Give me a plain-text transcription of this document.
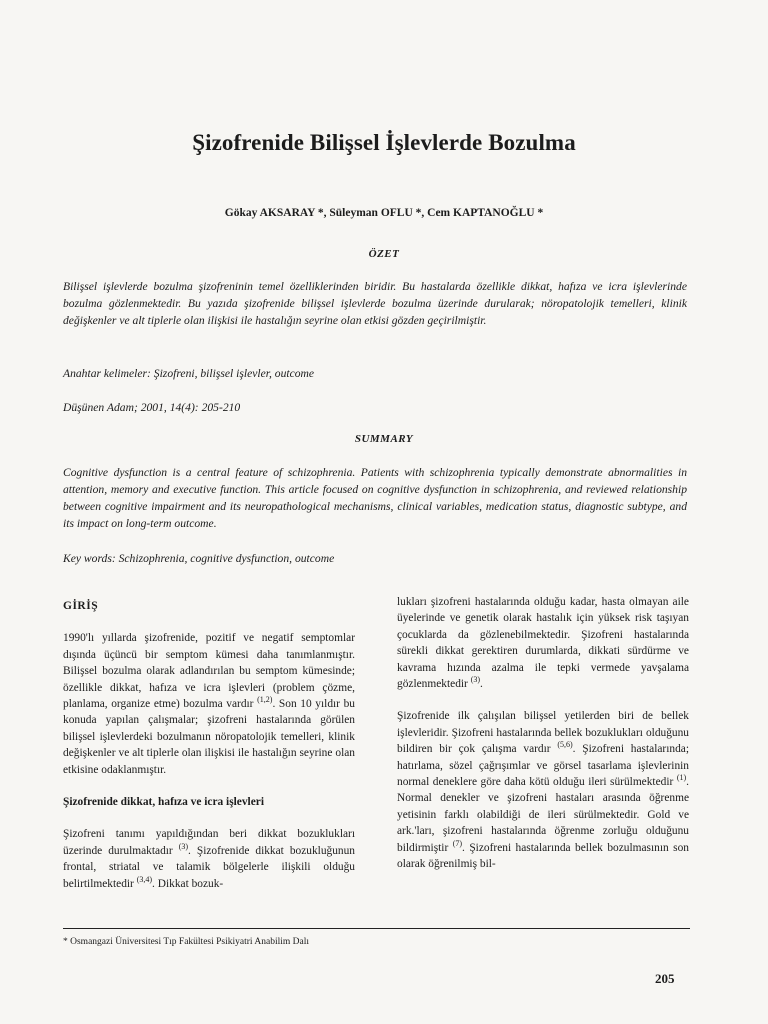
Şizofrenide Bilişsel İşlevlerde Bozulma
Gökay AKSARAY *, Süleyman OFLU *, Cem KAPTANOĞLU *
ÖZET

Bilişsel işlevlerde bozulma şizofreninin temel özelliklerinden biridir. Bu hastalarda özellikle dikkat, hafıza ve icra işlevlerinde bozulma gözlenmektedir. Bu yazıda şizofrenide bilişsel işlevlerde bozulma üzerinde durularak; nöropatolojik temelleri, klinik değişkenler ve alt tiplerle olan ilişkisi ile hastalığın seyrine olan etkisi gözden geçirilmiştir.

Anahtar kelimeler: Şizofreni, bilişsel işlevler, outcome

Düşünen Adam; 2001, 14(4): 205-210

SUMMARY

Cognitive dysfunction is a central feature of schizophrenia. Patients with schizophrenia typically demonstrate abnormalities in attention, memory and executive function. This article focused on cognitive dysfunction in schizophrenia, and reviewed relationship between cognitive impairment and its neuropathological mechanisms, clinical variables, medication status, diagnostic subtype, and its impact on long-term outcome.

Key words: Schizophrenia, cognitive dysfunction, outcome

GİRİŞ

1990'lı yıllarda şizofrenide, pozitif ve negatif semptomlar dışında üçüncü bir semptom kümesi daha tanımlanmıştır. Bilişsel bozulma olarak adlandırılan bu semptom kümesinde; özellikle dikkat, hafıza ve icra işlevleri (problem çözme, planlama, organize etme) bozulma vardır $^{(1,2)}$. Son 10 yıldır bu konuda yapılan çalışmalar; şizofreni hastalarında görülen bilişsel işlevlerdeki bozulmanın nöropatolojik temelleri, klinik değişkenler ve alt tiplerle olan ilişkisi ile hastalığın seyrine olan etkisine odaklanmıştır.

Şizofrenide dikkat, hafıza ve icra işlevleri

Şizofreni tanımı yapıldığından beri dikkat bozuklukları üzerinde durulmaktadır $^{(3)}$. Şizofrenide dikkat bozukluğunun frontal, striatal ve talamik bölgelerle ilişkili olduğu belirtilmektedir $^{(3,4)}$. Dikkat bozuk-

lukları şizofreni hastalarında olduğu kadar, hasta olmayan aile üyelerinde ve genetik olarak hastalık için yüksek risk taşıyan çocuklarda da gözlenebilmektedir. Şizofreni hastalarında sürekli dikkat gerektiren durumlarda, dikkati sürdürme ve kavrama hızında azalma ile tepki vermede yavşalama gözlenmektedir $^{(3)}$.

Şizofrenide ilk çalışılan bilişsel yetilerden biri de bellek işlevleridir. Şizofreni hastalarında bellek bozuklukları olduğunu bildiren bir çok çalışma vardır $^{(5,6)}$. Şizofreni hastalarında; hatırlama, sözel çağrışımlar ve görsel tasarlama işlevlerinin normal deneklere göre daha kötü olduğu ileri sürülmektedir $^{(1)}$. Normal denekler ve şizofreni hastaları arasında öğrenme yetisinin farklı olabildiği de ileri sürülmektedir. Gold ve ark.'ları, şizofreni hastalarında öğrenme zorluğu olduğunu bildirmiştir $^{(7)}$. Şizofreni hastalarında bellek bozulmasının son olarak öğrenilmiş bil-

* Osmangazi Üniversitesi Tıp Fakültesi Psikiyatri Anabilim Dalı
205
